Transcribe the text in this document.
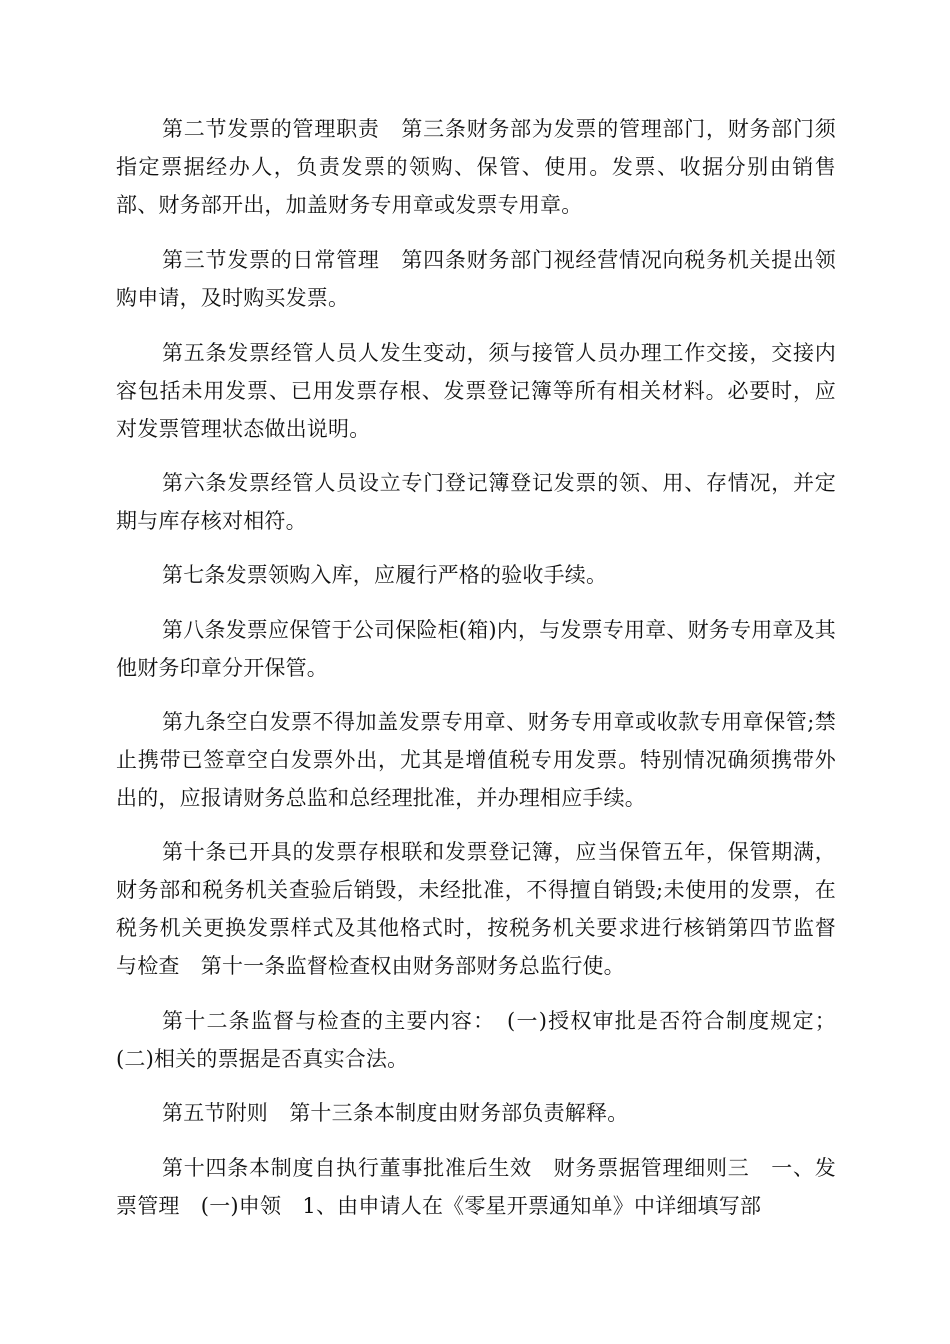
第二节发票的管理职责　第三条财务部为发票的管理部门，财务部门须指定票据经办人，负责发票的领购、保管、使用。发票、收据分别由销售部、财务部开出，加盖财务专用章或发票专用章。

第三节发票的日常管理　第四条财务部门视经营情况向税务机关提出领购申请，及时购买发票。

第五条发票经管人员人发生变动，须与接管人员办理工作交接，交接内容包括未用发票、已用发票存根、发票登记簿等所有相关材料。必要时，应对发票管理状态做出说明。

第六条发票经管人员设立专门登记簿登记发票的领、用、存情况，并定期与库存核对相符。

第七条发票领购入库，应履行严格的验收手续。

第八条发票应保管于公司保险柜(箱)内，与发票专用章、财务专用章及其他财务印章分开保管。

第九条空白发票不得加盖发票专用章、财务专用章或收款专用章保管;禁止携带已签章空白发票外出，尤其是增值税专用发票。特别情况确须携带外出的，应报请财务总监和总经理批准，并办理相应手续。

第十条已开具的发票存根联和发票登记簿，应当保管五年，保管期满，财务部和税务机关查验后销毁，未经批准，不得擅自销毁;未使用的发票，在税务机关更换发票样式及其他格式时，按税务机关要求进行核销第四节监督与检查　第十一条监督检查权由财务部财务总监行使。

第十二条监督与检查的主要内容：　(一)授权审批是否符合制度规定；(二)相关的票据是否真实合法。

第五节附则　第十三条本制度由财务部负责解释。

第十四条本制度自执行董事批准后生效　财务票据管理细则三　一、发票管理　(一)申领　1、由申请人在《零星开票通知单》中详细填写部
